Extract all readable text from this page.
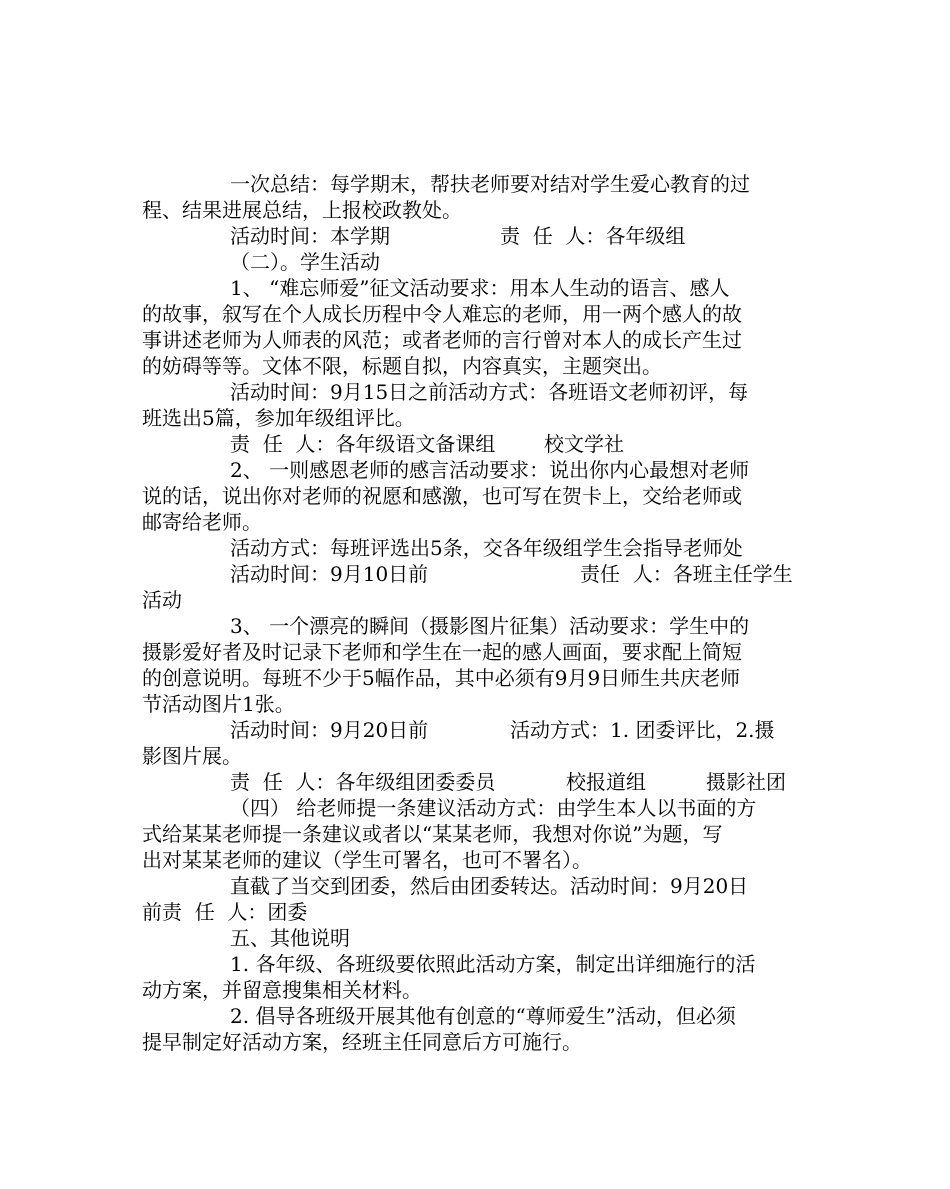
一次总结：每学期末，帮扶老师要对结对学生爱心教育的过
程、结果进展总结，上报校政教处。

活动时间：本学期

	责  任  人：各年级组

（二）。学生活动
1、 “难忘师爱”征文活动要求：用本人生动的语言、感人
的故事，叙写在个人成长历程中令人难忘的老师，用一两个感人的故
事讲述老师为人师表的风范；或者老师的言行曾对本人的成长产生过
的妨碍等等。文体不限，标题自拟，内容真实，主题突出。
活动时间：9月15日之前活动方式：各班语文老师初评，每
班选出5篇，参加年级组评比。

责  任  人：各年级语文备课组

校文学社

2、 一则感恩老师的感言活动要求：说出你内心最想对老师
说的话，说出你对老师的祝愿和感激，也可写在贺卡上，交给老师或
邮寄给老师。
活动方式：每班评选出5条，交各年级组学生会指导老师处

活动时间：9月10日前

	责任  人：各班主任学生

活动
3、 一个漂亮的瞬间（摄影图片征集）活动要求：学生中的
摄影爱好者及时记录下老师和学生在一起的感人画面，要求配上简短
的创意说明。每班不少于5幅作品，其中必须有9月9日师生共庆老师
节活动图片1张。

活动时间：9月20日前

	活动方式：1. 团委评比，2.摄

影图片展。

责  任  人：各年级组团委委员

	校报道组

	摄影社团

（四） 给老师提一条建议活动方式：由学生本人以书面的方
式给某某老师提一条建议或者以“某某老师，我想对你说”为题，写
出对某某老师的建议（学生可署名，也可不署名）。
直截了当交到团委，然后由团委转达。活动时间：9月20日
前责  任  人：团委
五、其他说明
1. 各年级、各班级要依照此活动方案，制定出详细施行的活
动方案，并留意搜集相关材料。
2. 倡导各班级开展其他有创意的“尊师爱生”活动，但必须
提早制定好活动方案，经班主任同意后方可施行。
